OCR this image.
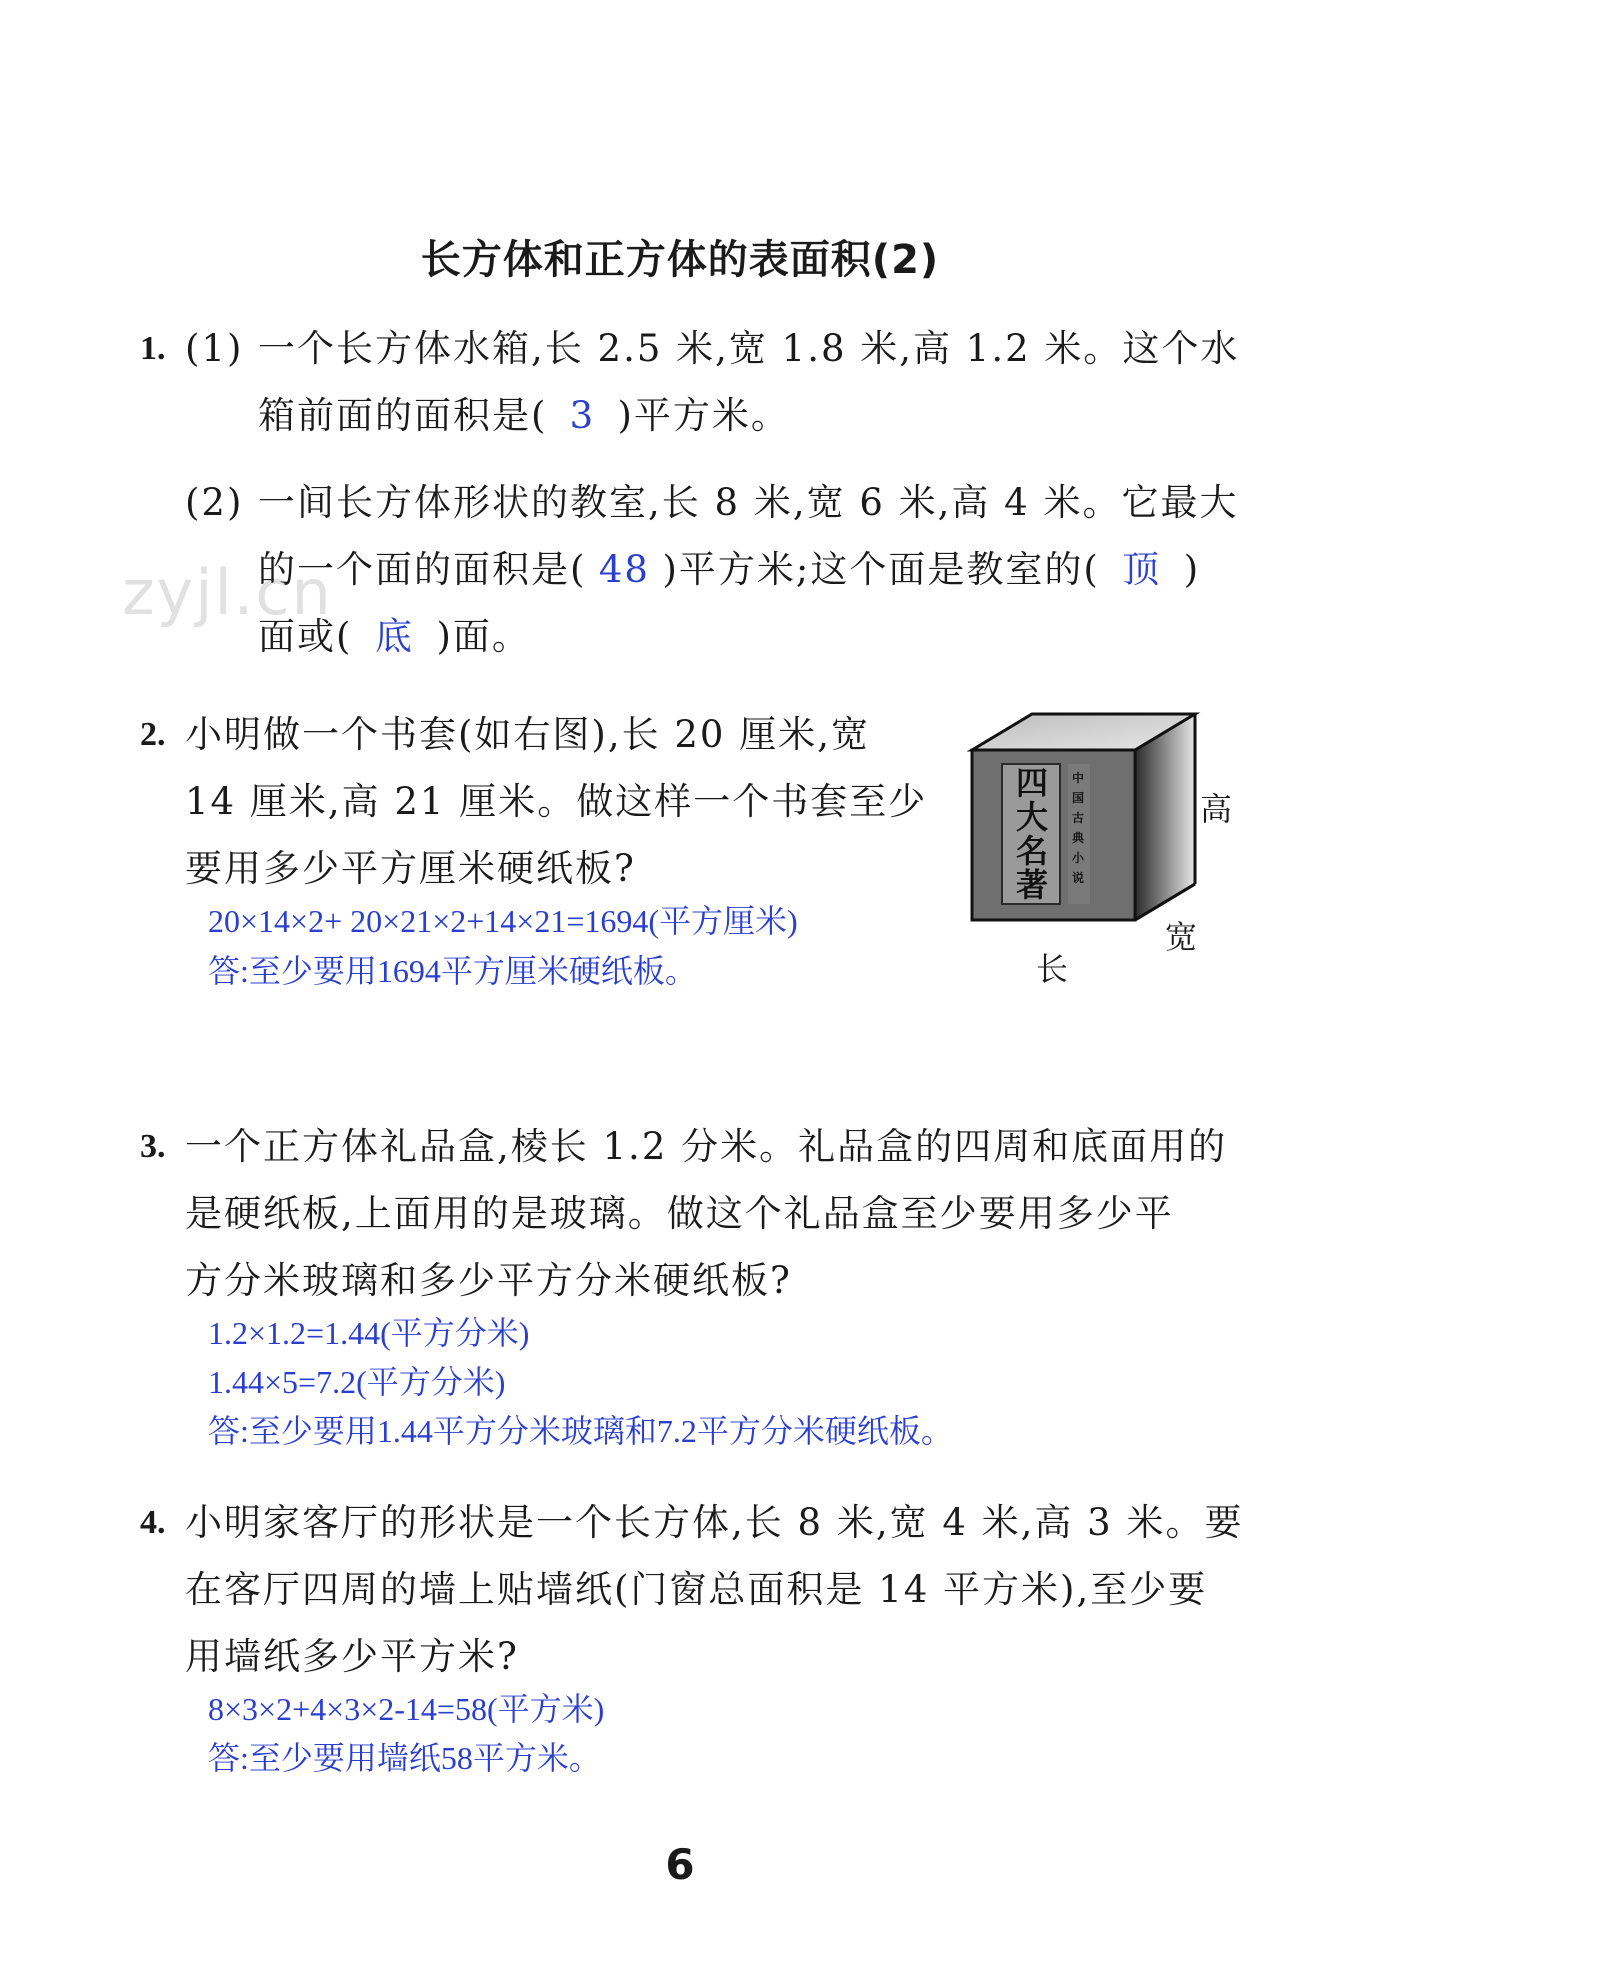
长方体和正方体的表面积(2)
zyjl.cn
1. (1) 一个长方体水箱,长 2.5 米,宽 1.8 米,高 1.2 米。这个水
箱前面的面积是( 3 )平方米。
(2) 一间长方体形状的教室,长 8 米,宽 6 米,高 4 米。它最大
的一个面的面积是( 48 )平方米;这个面是教室的( 顶 )
面或( 底 )面。
2. 小明做一个书套(如右图),长 20 厘米,宽
14 厘米,高 21 厘米。做这样一个书套至少
要用多少平方厘米硬纸板?
20×14×2+ 20×21×2+14×21=1694(平方厘米)
答:至少要用1694平方厘米硬纸板。
四大名著
中国古典小说
高
宽
长
3. 一个正方体礼品盒,棱长 1.2 分米。礼品盒的四周和底面用的
是硬纸板,上面用的是玻璃。做这个礼品盒至少要用多少平
方分米玻璃和多少平方分米硬纸板?
1.2×1.2=1.44(平方分米)
1.44×5=7.2(平方分米)
答:至少要用1.44平方分米玻璃和7.2平方分米硬纸板。
4. 小明家客厅的形状是一个长方体,长 8 米,宽 4 米,高 3 米。要
在客厅四周的墙上贴墙纸(门窗总面积是 14 平方米),至少要
用墙纸多少平方米?
8×3×2+4×3×2-14=58(平方米)
答:至少要用墙纸58平方米。
6
